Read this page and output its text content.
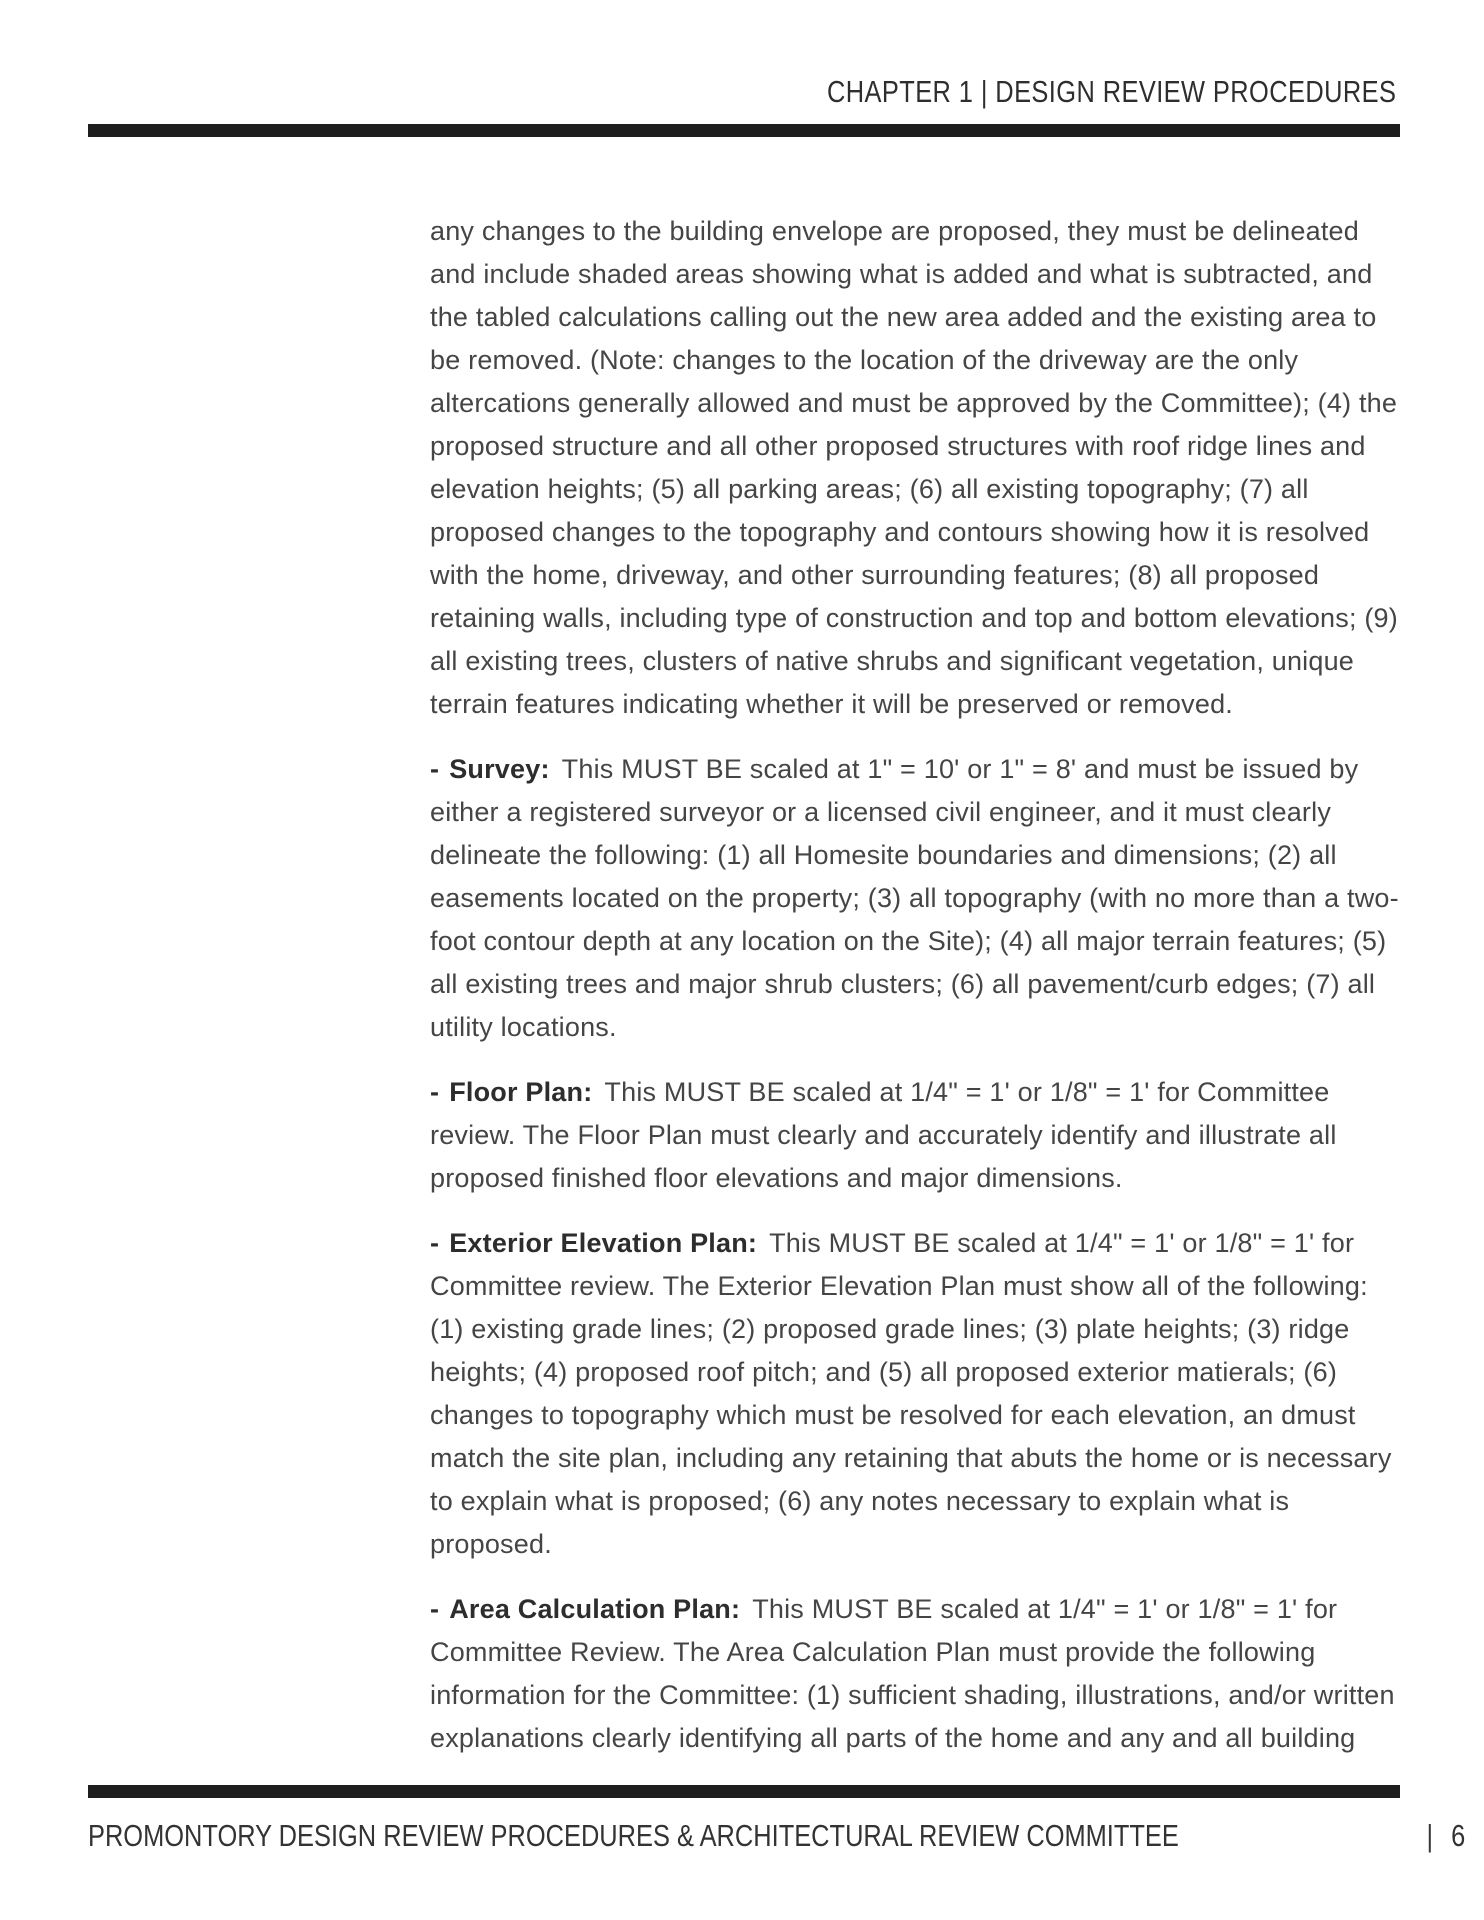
CHAPTER 1 | DESIGN REVIEW PROCEDURES

any changes to the building envelope are proposed, they must be delineated and include shaded areas showing what is added and what is subtracted, and the tabled calculations calling out the new area added and the existing area to be removed. (Note: changes to the location of the driveway are the only altercations generally allowed and must be approved by the Committee); (4) the proposed structure and all other proposed structures with roof ridge lines and elevation heights; (5) all parking areas; (6) all existing topography; (7) all proposed changes to the topography and contours showing how it is resolved with the home, driveway, and other surrounding features; (8) all proposed retaining walls, including type of construction and top and bottom elevations; (9) all existing trees, clusters of native shrubs and significant vegetation, unique terrain features indicating whether it will be preserved or removed.

- Survey: This MUST BE scaled at 1" = 10' or 1" = 8' and must be issued by either a registered surveyor or a licensed civil engineer, and it must clearly delineate the following: (1) all Homesite boundaries and dimensions; (2) all easements located on the property; (3) all topography (with no more than a two-foot contour depth at any location on the Site); (4) all major terrain features; (5) all existing trees and major shrub clusters; (6) all pavement/curb edges; (7) all utility locations.

- Floor Plan: This MUST BE scaled at 1/4" = 1' or 1/8" = 1' for Committee review. The Floor Plan must clearly and accurately identify and illustrate all proposed finished floor elevations and major dimensions.

- Exterior Elevation Plan: This MUST BE scaled at 1/4" = 1' or 1/8" = 1' for Committee review. The Exterior Elevation Plan must show all of the following: (1) existing grade lines; (2) proposed grade lines; (3) plate heights; (3) ridge heights; (4) proposed roof pitch; and (5) all proposed exterior matierals; (6) changes to topography which must be resolved for each elevation, an dmust match the site plan, including any retaining that abuts the home or is necessary to explain what is proposed; (6) any notes necessary to explain what is proposed.

- Area Calculation Plan: This MUST BE scaled at 1/4" = 1' or 1/8" = 1' for Committee Review. The Area Calculation Plan must provide the following information for the Committee: (1) sufficient shading, illustrations, and/or written explanations clearly identifying all parts of the home and any and all building

PROMONTORY DESIGN REVIEW PROCEDURES & ARCHITECTURAL REVIEW COMMITTEE	| 6
